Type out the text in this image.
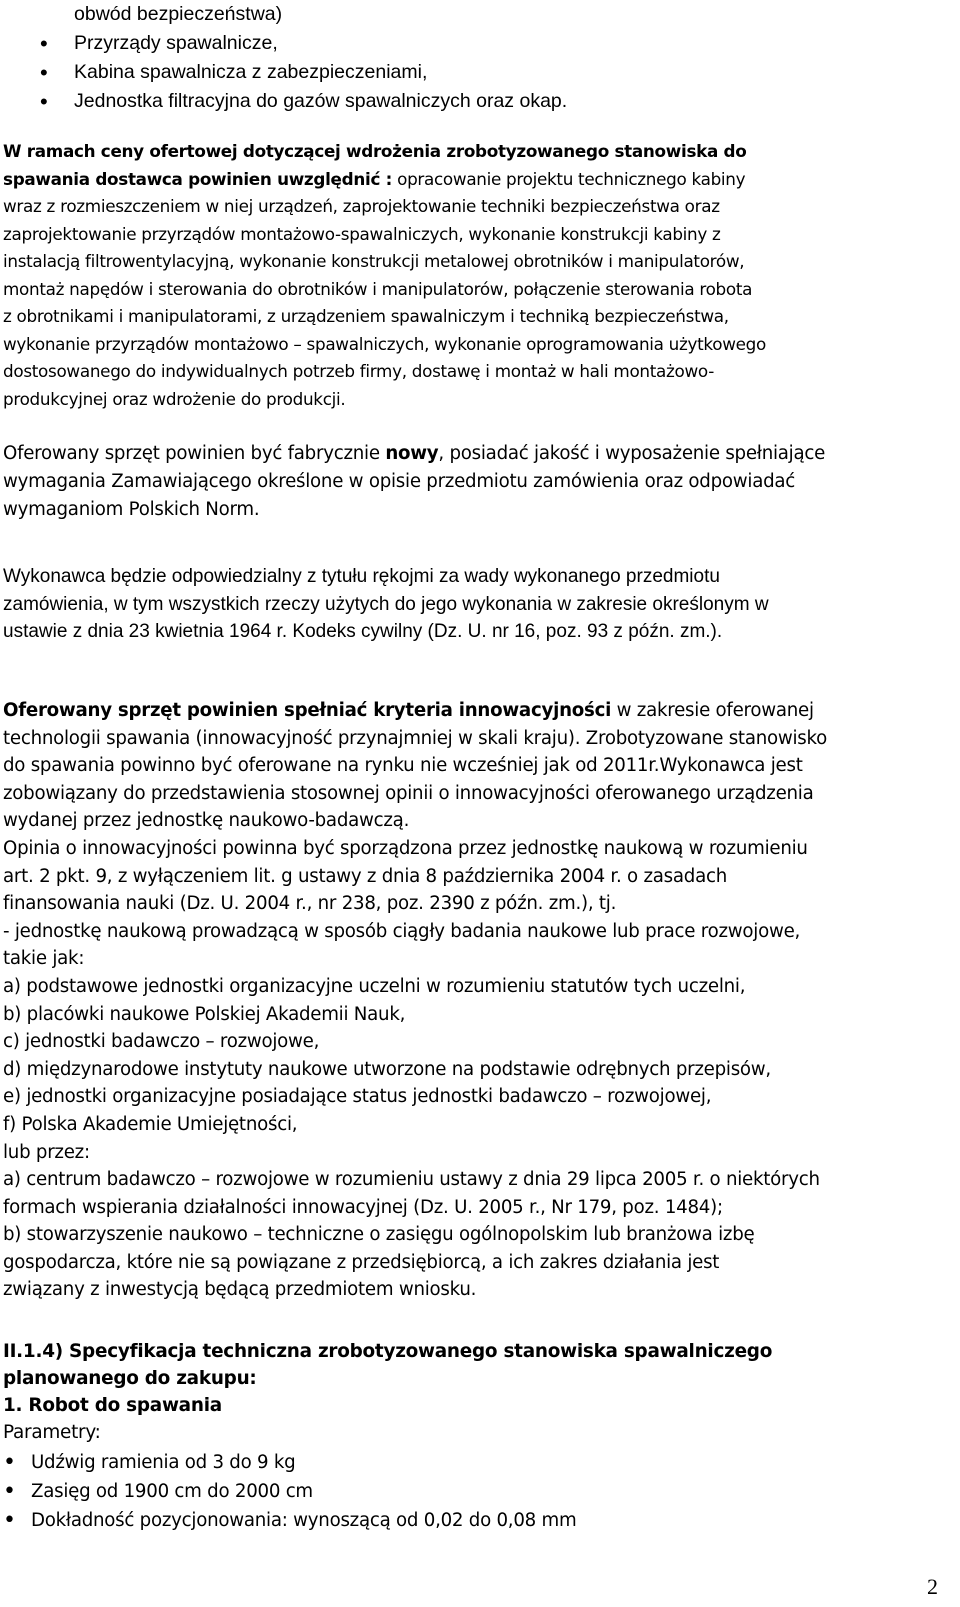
obwód bezpieczeństwa)
• Przyrządy spawalnicze,
• Kabina spawalnicza z zabezpieczeniami,
• Jednostka filtracyjna do gazów spawalniczych oraz okap.
W ramach ceny ofertowej dotyczącej wdrożenia zrobotyzowanego stanowiska do
spawania dostawca powinien uwzględnić : opracowanie projektu technicznego kabiny
wraz z rozmieszczeniem w niej urządzeń, zaprojektowanie techniki bezpieczeństwa oraz
zaprojektowanie przyrządów montażowo-spawalniczych, wykonanie konstrukcji kabiny z
instalacją filtrowentylacyjną, wykonanie konstrukcji metalowej obrotników i manipulatorów,
montaż napędów i sterowania do obrotników i manipulatorów, połączenie sterowania robota
z obrotnikami i manipulatorami, z urządzeniem spawalniczym i techniką bezpieczeństwa,
wykonanie przyrządów montażowo – spawalniczych, wykonanie oprogramowania użytkowego
dostosowanego do indywidualnych potrzeb firmy, dostawę i montaż w hali montażowo-
produkcyjnej oraz wdrożenie do produkcji.
Oferowany sprzęt powinien być fabrycznie nowy, posiadać jakość i wyposażenie spełniające
wymagania Zamawiającego określone w opisie przedmiotu zamówienia oraz odpowiadać
wymaganiom Polskich Norm.
Wykonawca będzie odpowiedzialny z tytułu rękojmi za wady wykonanego przedmiotu
zamówienia, w tym wszystkich rzeczy użytych do jego wykonania w zakresie określonym w
ustawie z dnia 23 kwietnia 1964 r. Kodeks cywilny (Dz. U. nr 16, poz. 93 z późn. zm.).
Oferowany sprzęt powinien spełniać kryteria innowacyjności w zakresie oferowanej
technologii spawania (innowacyjność przynajmniej w skali kraju). Zrobotyzowane stanowisko
do spawania powinno być oferowane na rynku nie wcześniej jak od 2011r.Wykonawca jest
zobowiązany do przedstawienia stosownej opinii o innowacyjności oferowanego urządzenia
wydanej przez jednostkę naukowo-badawczą.
Opinia o innowacyjności powinna być sporządzona przez jednostkę naukową w rozumieniu
art. 2 pkt. 9, z wyłączeniem lit. g ustawy z dnia 8 października 2004 r. o zasadach
finansowania nauki (Dz. U. 2004 r., nr 238, poz. 2390 z późn. zm.), tj.
- jednostkę naukową prowadzącą w sposób ciągły badania naukowe lub prace rozwojowe,
takie jak:
a) podstawowe jednostki organizacyjne uczelni w rozumieniu statutów tych uczelni,
b) placówki naukowe Polskiej Akademii Nauk,
c) jednostki badawczo – rozwojowe,
d) międzynarodowe instytuty naukowe utworzone na podstawie odrębnych przepisów,
e) jednostki organizacyjne posiadające status jednostki badawczo – rozwojowej,
f) Polska Akademie Umiejętności,
lub przez:
a) centrum badawczo – rozwojowe w rozumieniu ustawy z dnia 29 lipca 2005 r. o niektórych
formach wspierania działalności innowacyjnej (Dz. U. 2005 r., Nr 179, poz. 1484);
b) stowarzyszenie naukowo – techniczne o zasięgu ogólnopolskim lub branżowa izbę
gospodarcza, które nie są powiązane z przedsiębiorcą, a ich zakres działania jest
związany z inwestycją będącą przedmiotem wniosku.
II.1.4) Specyfikacja techniczna zrobotyzowanego stanowiska spawalniczego
planowanego do zakupu:
1. Robot do spawania
Parametry:
• Udźwig ramienia od 3 do 9 kg
• Zasięg od 1900 cm do 2000 cm
• Dokładność pozycjonowania: wynoszącą od 0,02 do 0,08 mm
2
